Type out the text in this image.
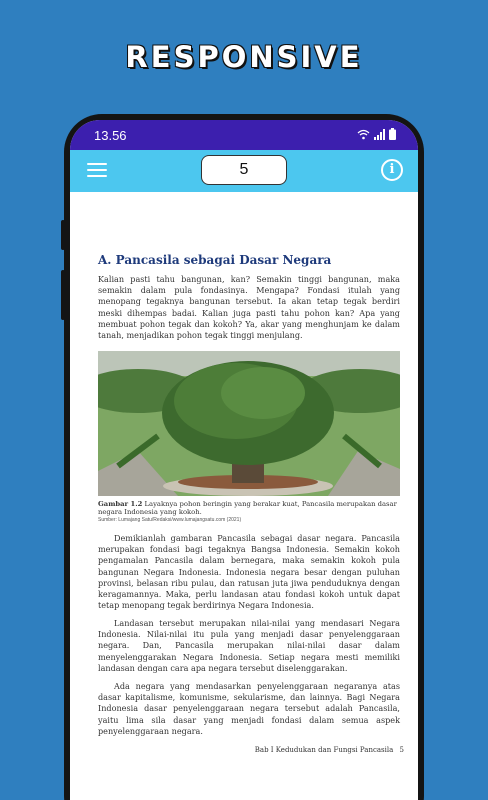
RESPONSIVE
13.56
5	i
A. Pancasila sebagai Dasar Negara
Kalian pasti tahu bangunan, kan? Semakin tinggi bangunan, maka semakin dalam pula fondasinya. Mengapa? Fondasi itulah yang menopang tegaknya bangunan tersebut. Ia akan tetap tegak berdiri meski dihempas badai. Kalian juga pasti tahu pohon kan? Apa yang membuat pohon tegak dan kokoh? Ya, akar yang menghunjam ke dalam tanah, menjadikan pohon tegak tinggi menjulang.
Gambar 1.2 Layaknya pohon beringin yang berakar kuat, Pancasila merupakan dasar negara Indonesia yang kokoh.
Sumber: Lumajang Satu/Redaksi/www.lumajangsatu.com (2021)
Demikianlah gambaran Pancasila sebagai dasar negara. Pancasila merupakan fondasi bagi tegaknya Bangsa Indonesia. Semakin kokoh pengamalan Pancasila dalam bernegara, maka semakin kokoh pula bangunan Negara Indonesia. Indonesia negara besar dengan puluhan provinsi, belasan ribu pulau, dan ratusan juta jiwa penduduknya dengan keragamannya. Maka, perlu landasan atau fondasi kokoh untuk dapat tetap menopang tegak berdirinya Negara Indonesia.
Landasan tersebut merupakan nilai-nilai yang mendasari Negara Indonesia. Nilai-nilai itu pula yang menjadi dasar penyelenggaraan negara. Dan, Pancasila merupakan nilai-nilai dasar dalam menyelenggarakan Negara Indonesia. Setiap negara mesti memiliki landasan dengan cara apa negara tersebut diselenggarakan.
Ada negara yang mendasarkan penyelenggaraan negaranya atas dasar kapitalisme, komunisme, sekularisme, dan lainnya. Bagi Negara Indonesia dasar penyelenggaraan negara tersebut adalah Pancasila, yaitu lima sila dasar yang menjadi fondasi dalam semua aspek penyelenggaraan negara.
Bab I Kedudukan dan Fungsi Pancasila 5
